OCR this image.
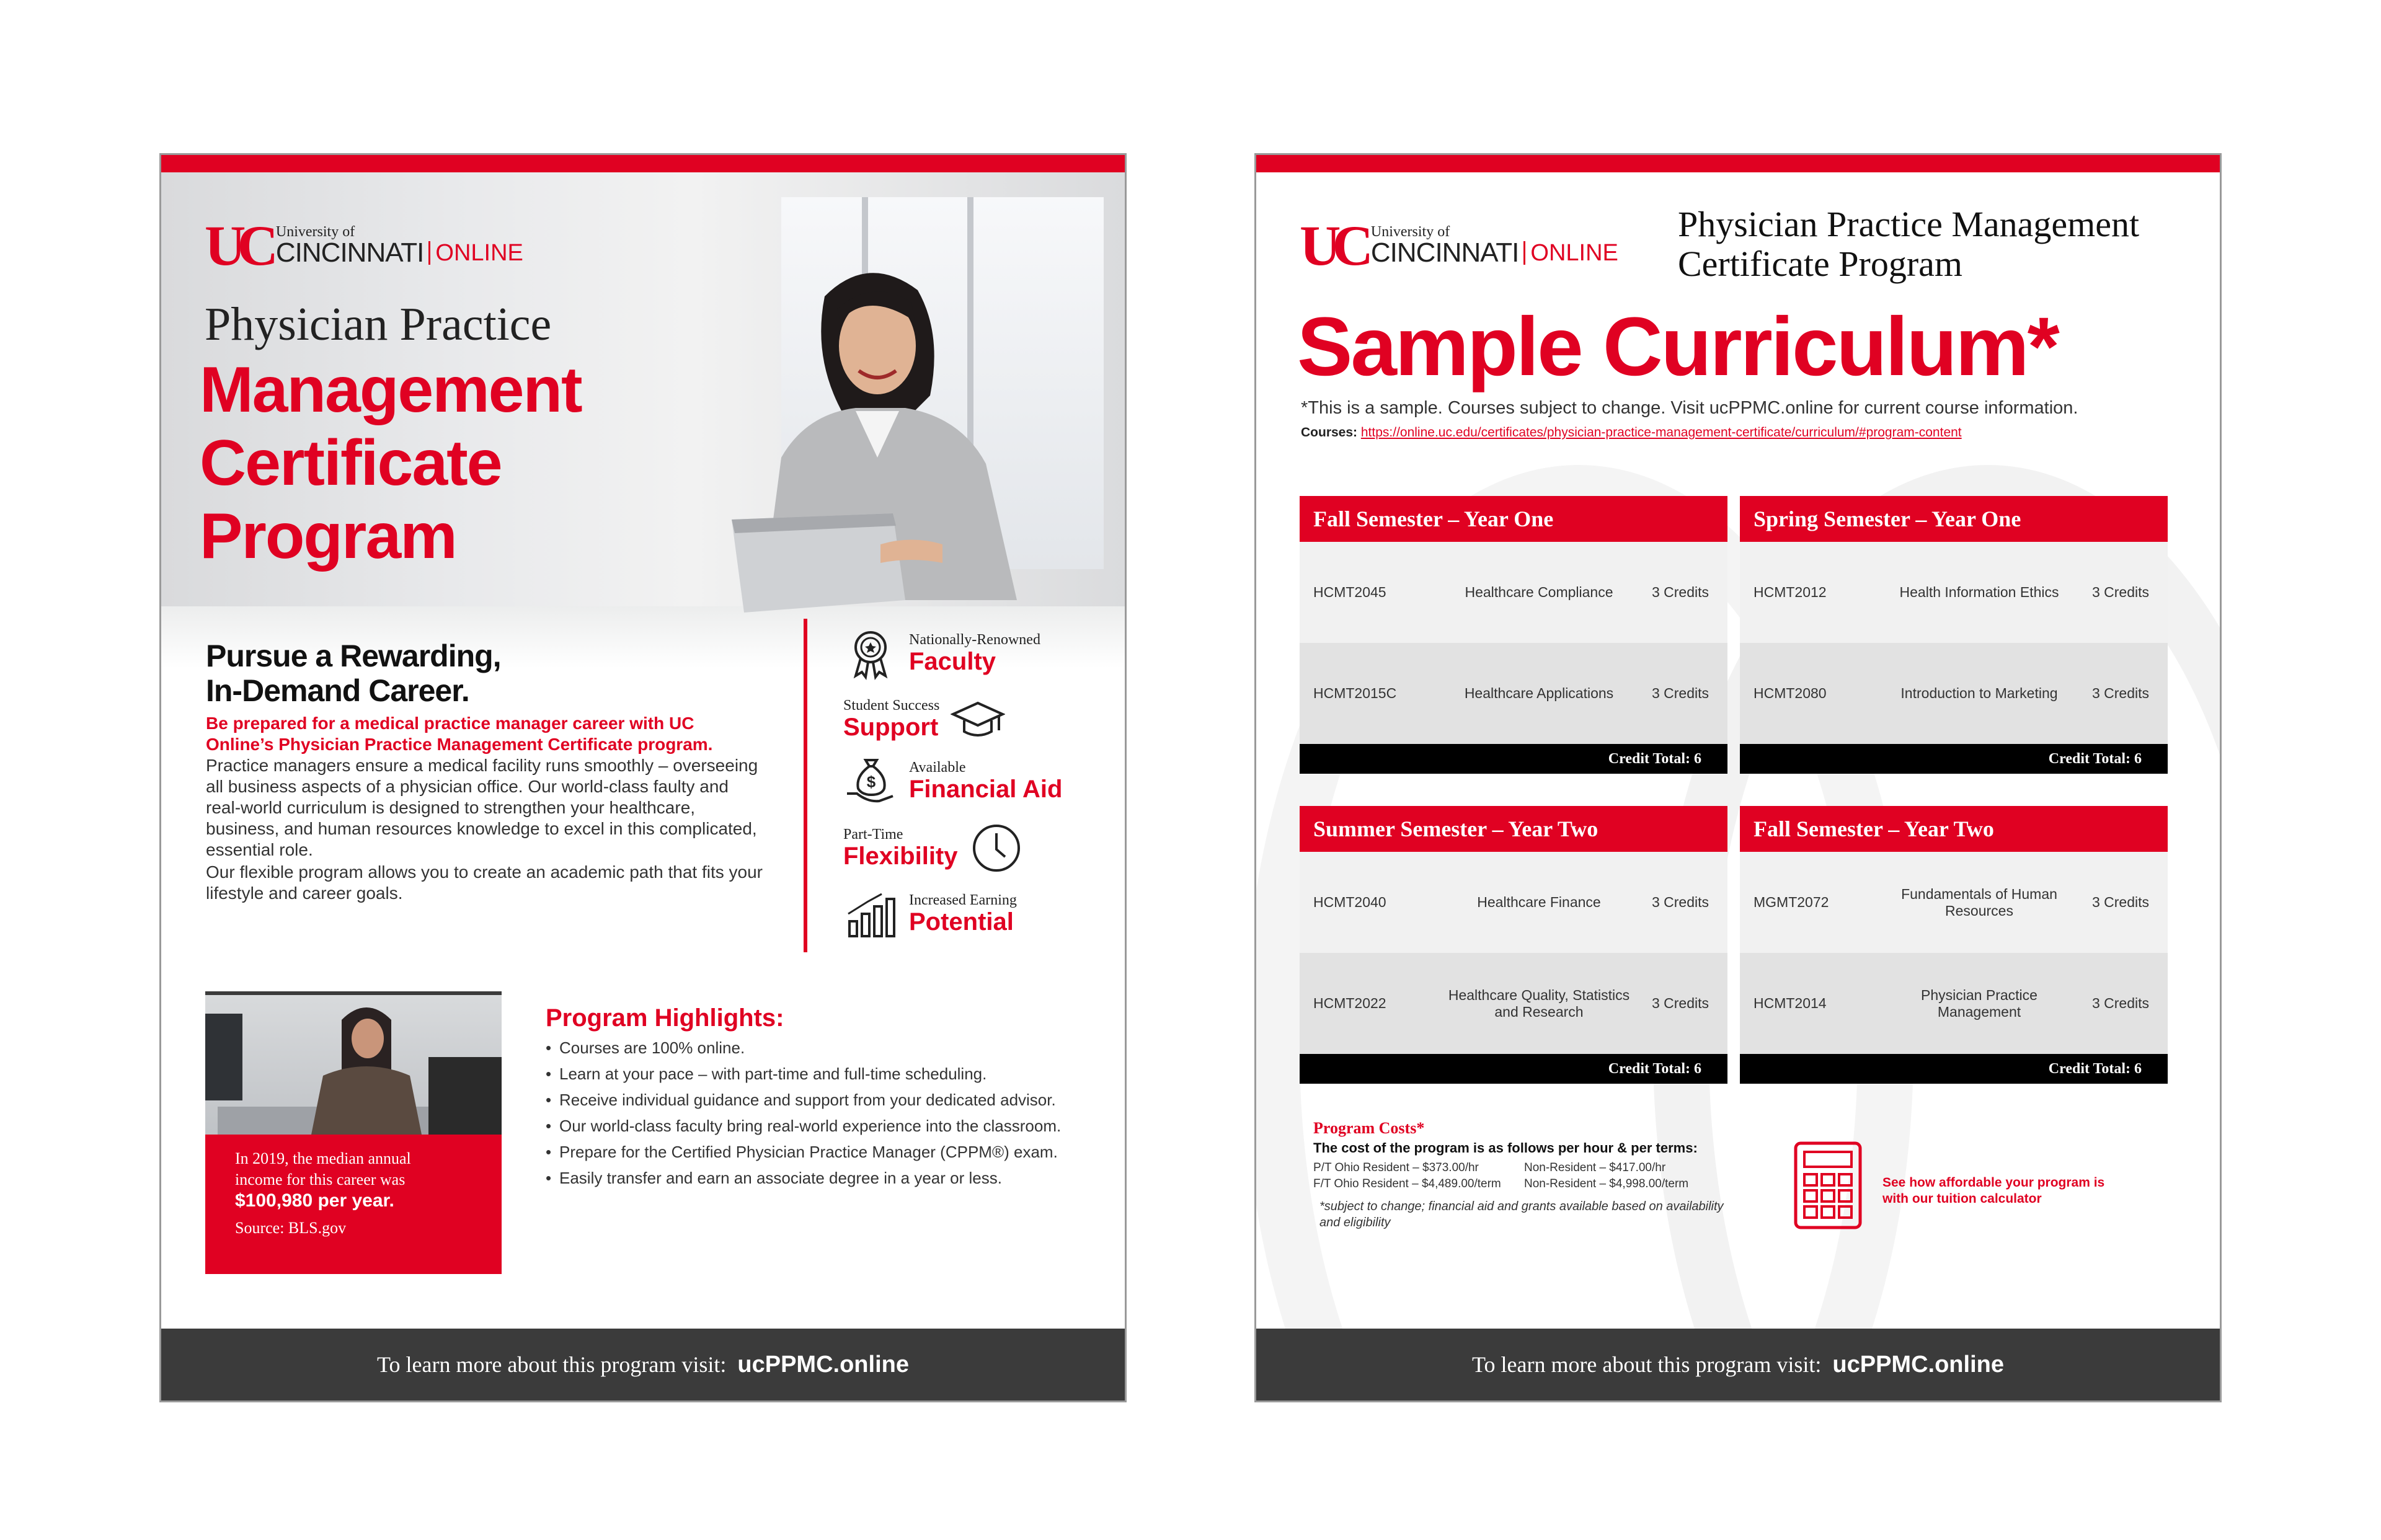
UC University of
CINCINNATI ONLINE
Physician Practice
Management
Certificate
Program
Pursue a Rewarding,
In-Demand Career.
Be prepared for a medical practice manager career with UC Online’s Physician Practice Management Certificate program.
Practice managers ensure a medical facility runs smoothly – overseeing all business aspects of a physician office. Our world-class faulty and real-world curriculum is designed to strengthen your healthcare, business, and human resources knowledge to excel in this complicated, essential role.
Our flexible program allows you to create an academic path that fits your lifestyle and career goals.
Nationally-Renowned
Faculty
Student Success
Support
$
Available
Financial Aid
Part-Time
Flexibility
Increased Earning
Potential
In 2019, the median annual
income for this career was
$100,980 per year.
Source: BLS.gov
Program Highlights:
• Courses are 100% online.
• Learn at your pace – with part-time and full-time scheduling.
• Receive individual guidance and support from your dedicated advisor.
• Our world-class faculty bring real-world experience into the classroom.
• Prepare for the Certified Physician Practice Manager (CPPM®) exam.
• Easily transfer and earn an associate degree in a year or less.
To learn more about this program visit: ucPPMC.online
UC University of
CINCINNATI ONLINE
Physician Practice Management
Certificate Program
Sample Curriculum*
*This is a sample. Courses subject to change. Visit ucPPMC.online for current course information.
Courses: https://online.uc.edu/certificates/physician-practice-management-certificate/curriculum/#program-content
Fall Semester – Year One
HCMT2045	Healthcare Compliance	3 Credits
HCMT2015C	Healthcare Applications	3 Credits
Credit Total: 6
Spring Semester – Year One
HCMT2012	Health Information Ethics	3 Credits
HCMT2080	Introduction to Marketing	3 Credits
Credit Total: 6
Summer Semester – Year Two
HCMT2040	Healthcare Finance	3 Credits
HCMT2022
Healthcare Quality, Statistics and Research
3 Credits
Credit Total: 6
Fall Semester – Year Two
MGMT2072
Fundamentals of Human Resources
3 Credits
HCMT2014
Physician Practice Management
3 Credits
Credit Total: 6
Program Costs*
The cost of the program is as follows per hour & per terms:
P/T Ohio Resident – $373.00/hr	Non-Resident – $417.00/hr
F/T Ohio Resident – $4,489.00/term	Non-Resident – $4,998.00/term
*subject to change; financial aid and grants available based on availability and eligibility
See how affordable your program is with our tuition calculator
To learn more about this program visit: ucPPMC.online
